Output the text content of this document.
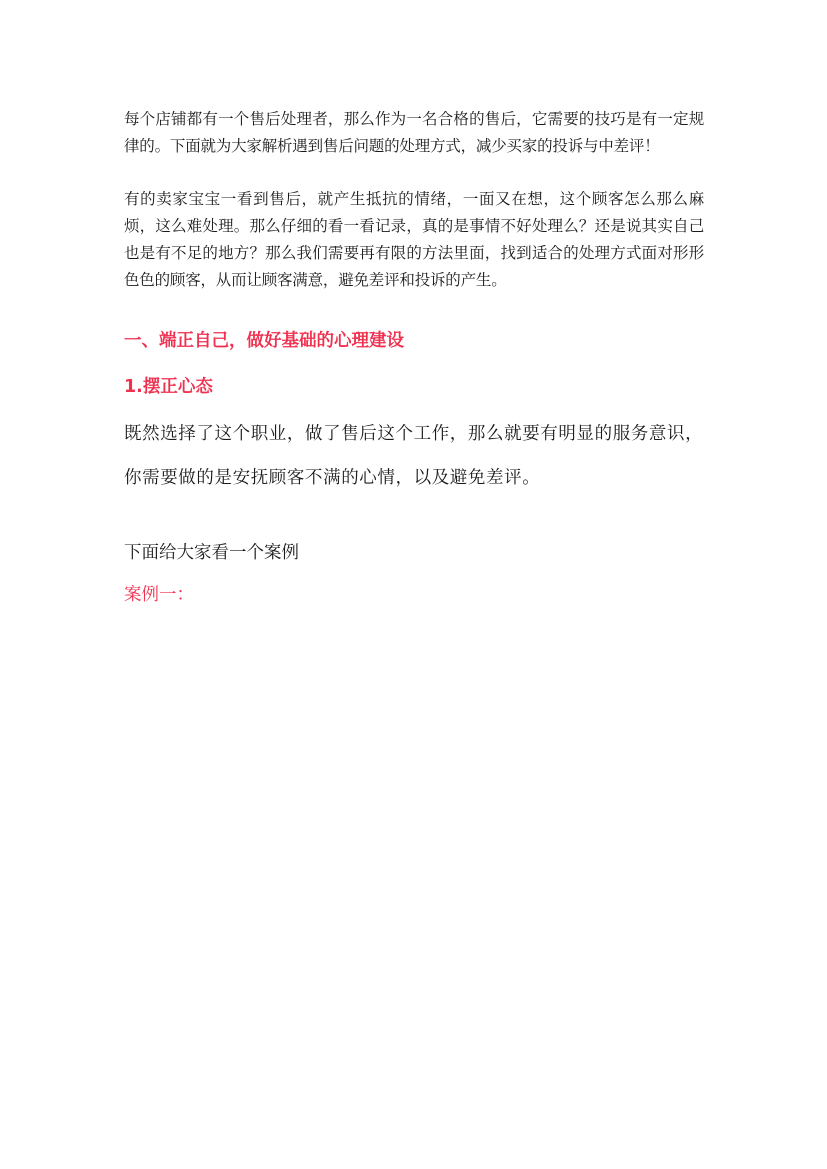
每个店铺都有一个售后处理者，那么作为一名合格的售后，它需要的技巧是有一定规律的。下面就为大家解析遇到售后问题的处理方式，减少买家的投诉与中差评！

有的卖家宝宝一看到售后，就产生抵抗的情绪，一面又在想，这个顾客怎么那么麻烦，这么难处理。那么仔细的看一看记录，真的是事情不好处理么？还是说其实自己也是有不足的地方？那么我们需要再有限的方法里面，找到适合的处理方式面对形形色色的顾客，从而让顾客满意，避免差评和投诉的产生。

一、端正自己，做好基础的心理建设
1.摆正心态

既然选择了这个职业，做了售后这个工作，那么就要有明显的服务意识，你需要做的是安抚顾客不满的心情，以及避免差评。

下面给大家看一个案例

案例一：
